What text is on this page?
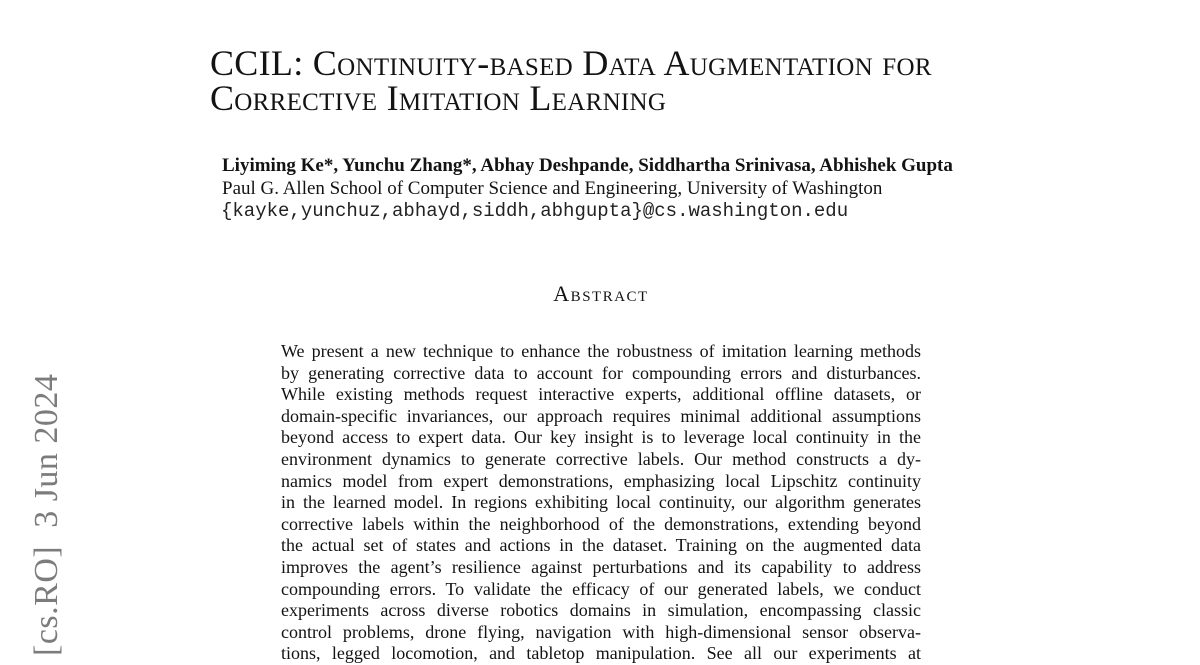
[cs.RO]  3 Jun 2024
CCIL: Continuity-based Data Augmentation for
Corrective Imitation Learning
Liyiming Ke*, Yunchu Zhang*, Abhay Deshpande, Siddhartha Srinivasa, Abhishek Gupta
Paul G. Allen School of Computer Science and Engineering, University of Washington
{kayke,yunchuz,abhayd,siddh,abhgupta}@cs.washington.edu
Abstract
We present a new technique to enhance the robustness of imitation learning methods
by generating corrective data to account for compounding errors and disturbances.
While existing methods request interactive experts, additional offline datasets, or
domain-specific invariances, our approach requires minimal additional assumptions
beyond access to expert data. Our key insight is to leverage local continuity in the
environment dynamics to generate corrective labels. Our method constructs a dy-
namics model from expert demonstrations, emphasizing local Lipschitz continuity
in the learned model. In regions exhibiting local continuity, our algorithm generates
corrective labels within the neighborhood of the demonstrations, extending beyond
the actual set of states and actions in the dataset. Training on the augmented data
improves the agent’s resilience against perturbations and its capability to address
compounding errors. To validate the efficacy of our generated labels, we conduct
experiments across diverse robotics domains in simulation, encompassing classic
control problems, drone flying, navigation with high-dimensional sensor observa-
tions, legged locomotion, and tabletop manipulation. See all our experiments at
